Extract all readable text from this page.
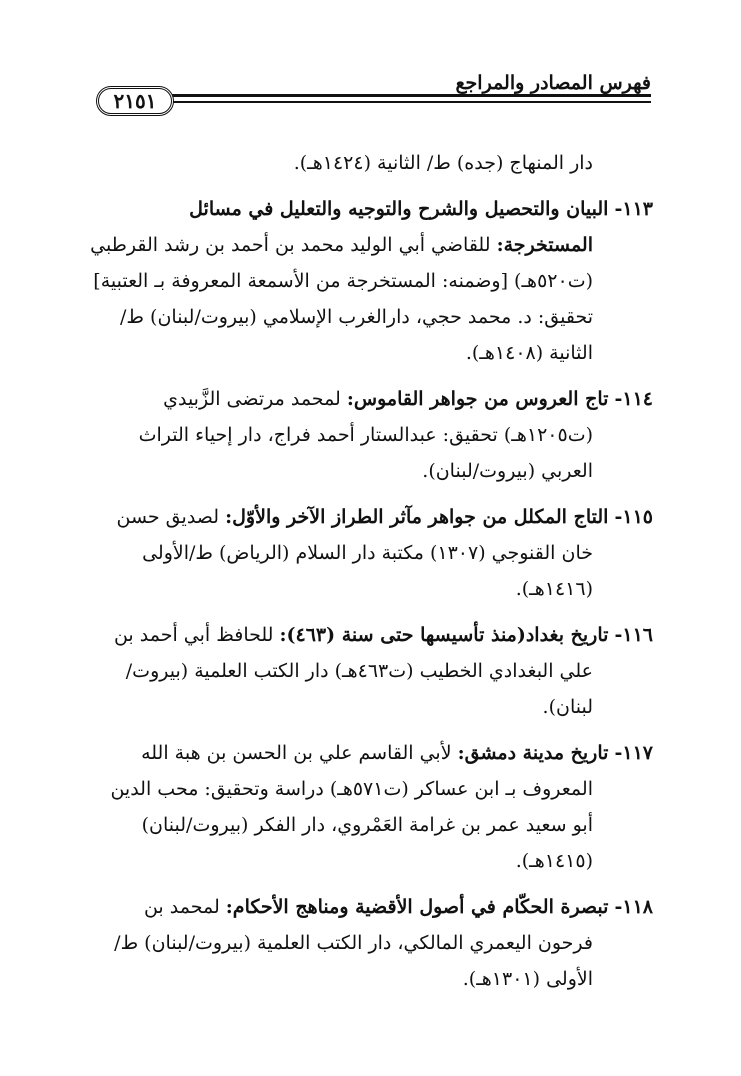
فهرس المصادر والمراجع
٢١٥١
دار المنهاج (جده) ط/ الثانية (١٤٢٤هـ).
١١٣- البيان والتحصيل والشرح والتوجيه والتعليل في مسائل
المستخرجة: للقاضي أبي الوليد محمد بن أحمد بن رشد القرطبي
(ت٥٢٠هـ) [وضمنه: المستخرجة من الأسمعة المعروفة بـ العتبية]
تحقيق: د. محمد حجي، دارالغرب الإسلامي (بيروت/لبنان) ط/
الثانية (١٤٠٨هـ).
١١٤- تاج العروس من جواهر القاموس: لمحمد مرتضى الزَّبيدي
(ت١٢٠٥هـ) تحقيق: عبدالستار أحمد فراج، دار إحياء التراث
العربي (بيروت/لبنان).
١١٥- التاج المكلل من جواهر مآثر الطراز الآخر والأوّل: لصديق حسن
خان القنوجي (١٣٠٧) مكتبة دار السلام (الرياض) ط/الأولى
(١٤١٦هـ).
١١٦- تاريخ بغداد(منذ تأسيسها حتى سنة (٤٦٣): للحافظ أبي أحمد بن
علي البغدادي الخطيب (ت٤٦٣هـ) دار الكتب العلمية (بيروت/
لبنان).
١١٧- تاريخ مدينة دمشق: لأبي القاسم علي بن الحسن بن هبة الله
المعروف بـ ابن عساكر (ت٥٧١هـ) دراسة وتحقيق: محب الدين
أبو سعيد عمر بن غرامة العَمْروي، دار الفكر (بيروت/لبنان)
(١٤١٥هـ).
١١٨- تبصرة الحكّام في أصول الأقضية ومناهج الأحكام: لمحمد بن
فرحون اليعمري المالكي، دار الكتب العلمية (بيروت/لبنان) ط/
الأولى (١٣٠١هـ).
